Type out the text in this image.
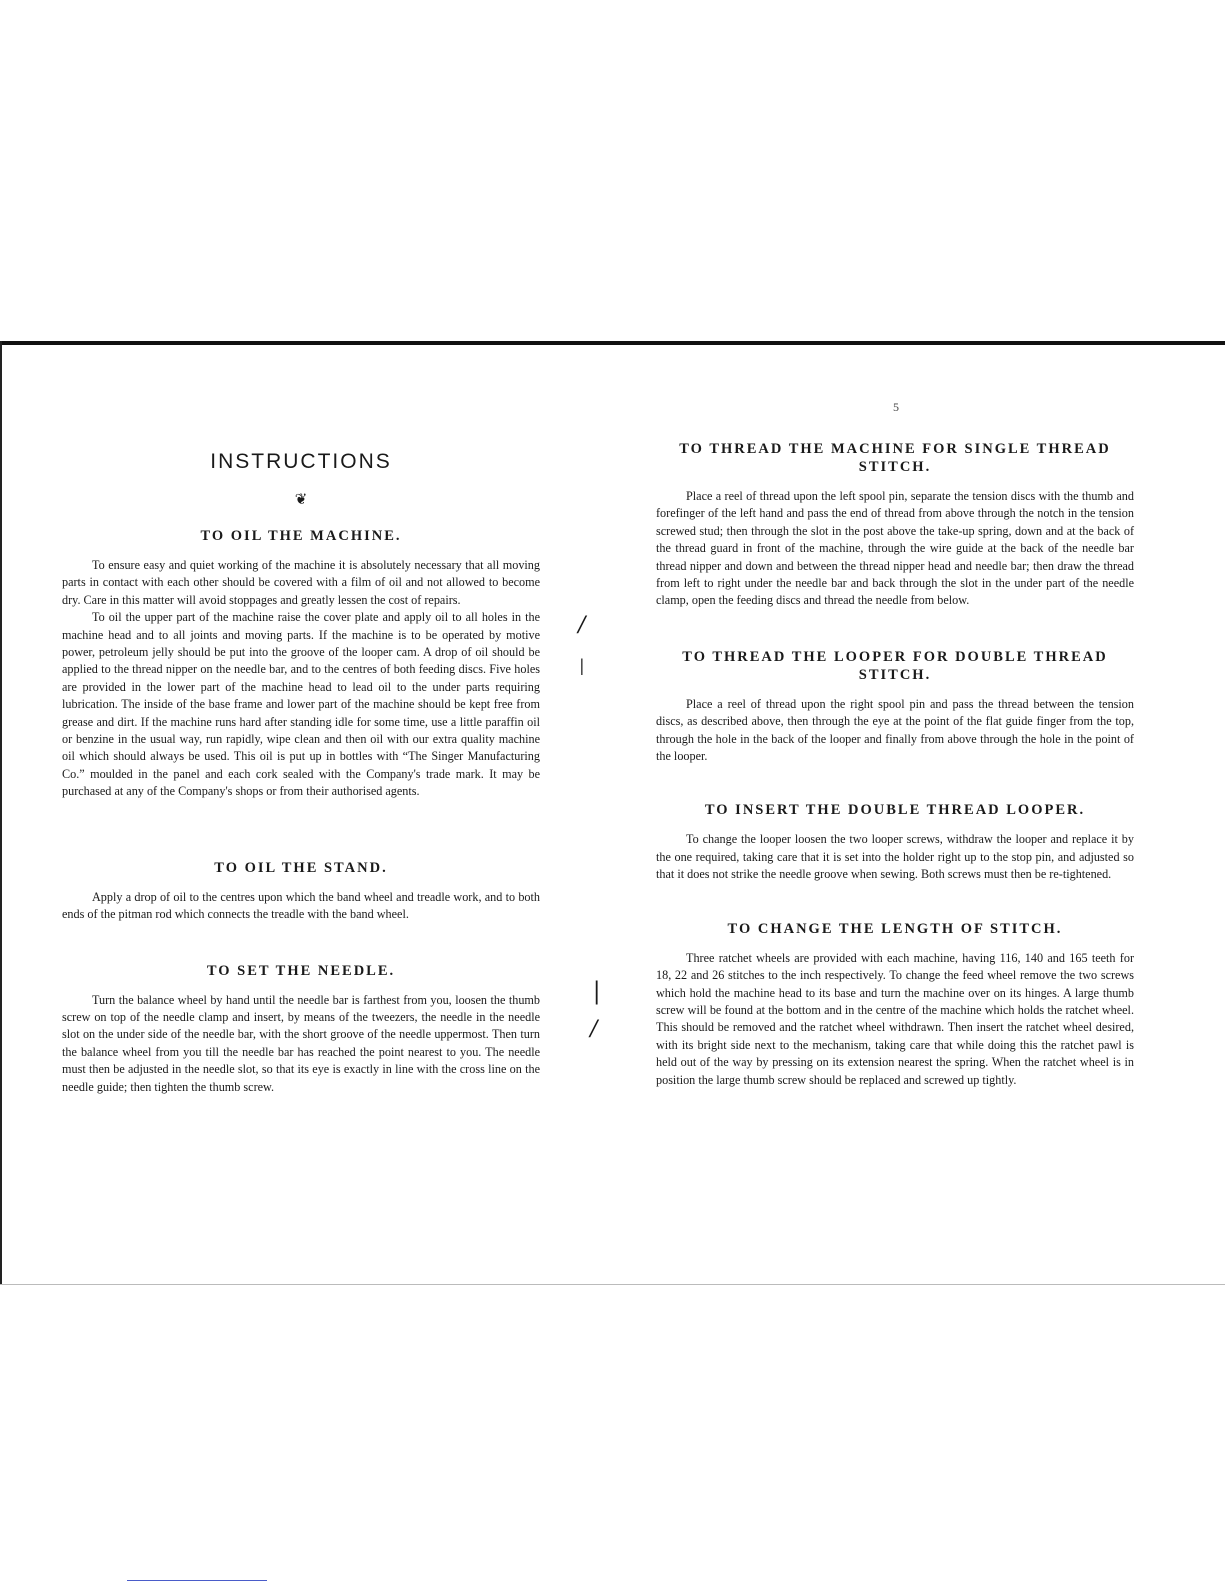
5
/
|
|
/
INSTRUCTIONS
❦
TO OIL THE MACHINE.

To ensure easy and quiet working of the machine it is absolutely necessary that all moving parts in contact with each other should be covered with a film of oil and not allowed to become dry. Care in this matter will avoid stoppages and greatly lessen the cost of repairs.

To oil the upper part of the machine raise the cover plate and apply oil to all holes in the machine head and to all joints and moving parts. If the machine is to be operated by motive power, petroleum jelly should be put into the groove of the looper cam. A drop of oil should be applied to the thread nipper on the needle bar, and to the centres of both feeding discs. Five holes are provided in the lower part of the machine head to lead oil to the under parts requiring lubrication. The inside of the base frame and lower part of the machine should be kept free from grease and dirt. If the machine runs hard after standing idle for some time, use a little paraffin oil or benzine in the usual way, run rapidly, wipe clean and then oil with our extra quality machine oil which should always be used. This oil is put up in bottles with “The Singer Manufacturing Co.” moulded in the panel and each cork sealed with the Company's trade mark. It may be purchased at any of the Company's shops or from their authorised agents.

TO OIL THE STAND.

Apply a drop of oil to the centres upon which the band wheel and treadle work, and to both ends of the pitman rod which connects the treadle with the band wheel.

TO SET THE NEEDLE.

Turn the balance wheel by hand until the needle bar is farthest from you, loosen the thumb screw on top of the needle clamp and insert, by means of the tweezers, the needle in the needle slot on the under side of the needle bar, with the short groove of the needle uppermost. Then turn the balance wheel from you till the needle bar has reached the point nearest to you. The needle must then be adjusted in the needle slot, so that its eye is exactly in line with the cross line on the needle guide; then tighten the thumb screw.

TO THREAD THE MACHINE FOR SINGLE THREAD STITCH.

Place a reel of thread upon the left spool pin, separate the tension discs with the thumb and forefinger of the left hand and pass the end of thread from above through the notch in the tension screwed stud; then through the slot in the post above the take-up spring, down and at the back of the thread guard in front of the machine, through the wire guide at the back of the needle bar thread nipper and down and between the thread nipper head and needle bar; then draw the thread from left to right under the needle bar and back through the slot in the under part of the needle clamp, open the feeding discs and thread the needle from below.

TO THREAD THE LOOPER FOR DOUBLE THREAD STITCH.

Place a reel of thread upon the right spool pin and pass the thread between the tension discs, as described above, then through the eye at the point of the flat guide finger from the top, through the hole in the back of the looper and finally from above through the hole in the point of the looper.

TO INSERT THE DOUBLE THREAD LOOPER.

To change the looper loosen the two looper screws, withdraw the looper and replace it by the one required, taking care that it is set into the holder right up to the stop pin, and adjusted so that it does not strike the needle groove when sewing. Both screws must then be re-tightened.

TO CHANGE THE LENGTH OF STITCH.

Three ratchet wheels are provided with each machine, having 116, 140 and 165 teeth for 18, 22 and 26 stitches to the inch respectively. To change the feed wheel remove the two screws which hold the machine head to its base and turn the machine over on its hinges. A large thumb screw will be found at the bottom and in the centre of the machine which holds the ratchet wheel. This should be removed and the ratchet wheel withdrawn. Then insert the ratchet wheel desired, with its bright side next to the mechanism, taking care that while doing this the ratchet pawl is held out of the way by pressing on its extension nearest the spring. When the ratchet wheel is in position the large thumb screw should be replaced and screwed up tightly.
